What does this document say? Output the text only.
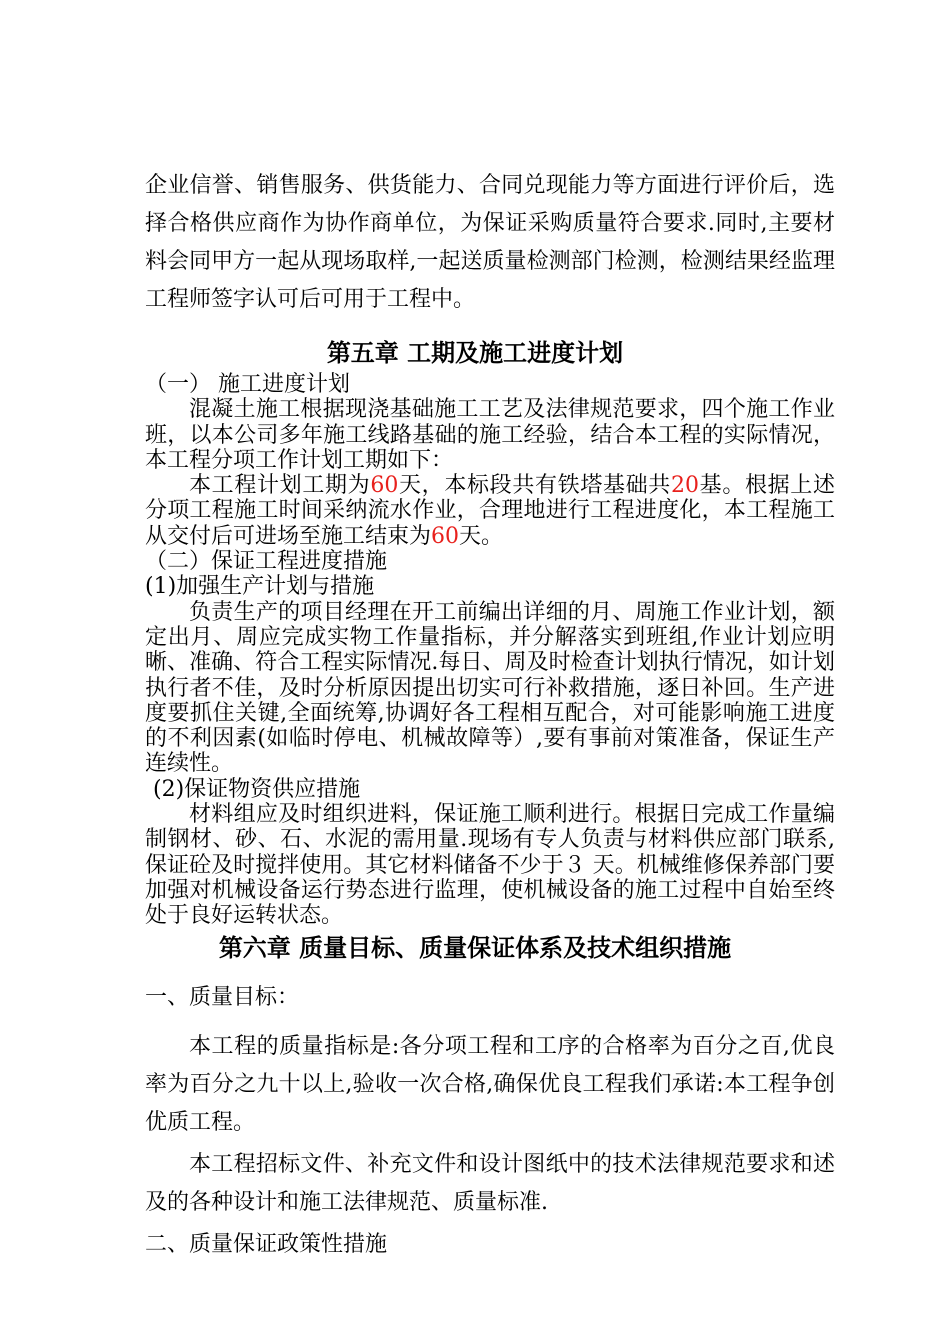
企业信誉、销售服务、供货能力、合同兑现能力等方面进行评价后，选择合格供应商作为协作商单位，为保证采购质量符合要求.同时,主要材料会同甲方一起从现场取样,一起送质量检测部门检测，检测结果经监理工程师签字认可后可用于工程中。

第五章 工期及施工进度计划

（一） 施工进度计划

混凝土施工根据现浇基础施工工艺及法律规范要求，四个施工作业班，以本公司多年施工线路基础的施工经验，结合本工程的实际情况，本工程分项工作计划工期如下：

本工程计划工期为60天，本标段共有铁塔基础共20基。根据上述分项工程施工时间采纳流水作业，合理地进行工程进度化，本工程施工从交付后可进场至施工结束为60天。

（二）保证工程进度措施

(1)加强生产计划与措施

负责生产的项目经理在开工前编出详细的月、周施工作业计划，额定出月、周应完成实物工作量指标，并分解落实到班组,作业计划应明晰、准确、符合工程实际情况.每日、周及时检查计划执行情况，如计划执行者不佳，及时分析原因提出切实可行补救措施，逐日补回。生产进度要抓住关键,全面统筹,协调好各工程相互配合，对可能影响施工进度的不利因素(如临时停电、机械故障等）,要有事前对策准备，保证生产连续性。

(2)保证物资供应措施

材料组应及时组织进料，保证施工顺利进行。根据日完成工作量编制钢材、砂、石、水泥的需用量.现场有专人负责与材料供应部门联系,保证砼及时搅拌使用。其它材料储备不少于３ 天。机械维修保养部门要加强对机械设备运行势态进行监理，使机械设备的施工过程中自始至终处于良好运转状态。

第六章 质量目标、质量保证体系及技术组织措施

一、质量目标：

本工程的质量指标是:各分项工程和工序的合格率为百分之百,优良率为百分之九十以上,验收一次合格,确保优良工程我们承诺:本工程争创优质工程。

本工程招标文件、补充文件和设计图纸中的技术法律规范要求和述及的各种设计和施工法律规范、质量标准.

二、质量保证政策性措施
